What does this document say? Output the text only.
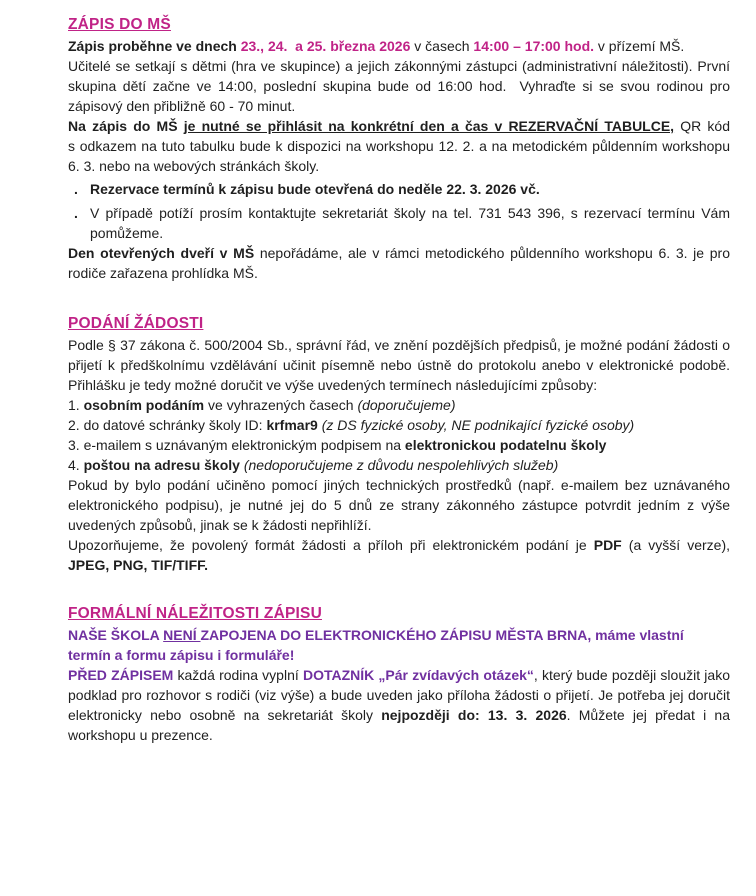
ZÁPIS DO MŠ

Zápis proběhne ve dnech 23., 24.  a 25. března 2026 v časech 14:00 – 17:00 hod. v přízemí MŠ.

Učitelé se setkají s dětmi (hra ve skupince) a jejich zákonnými zástupci (administrativní náležitosti). První skupina dětí začne ve 14:00, poslední skupina bude od 16:00 hod.  Vyhraďte si se svou rodinou pro zápisový den přibližně 60 - 70 minut.

Na zápis do MŠ je nutné se přihlásit na konkrétní den a čas v REZERVAČNÍ TABULCE, QR kód s odkazem na tuto tabulku bude k dispozici na workshopu 12. 2. a na metodickém půldenním workshopu 6. 3. nebo na webových stránkách školy.

. Rezervace termínů k zápisu bude otevřená do neděle 22. 3. 2026 vč.
. V případě potíží prosím kontaktujte sekretariát školy na tel. 731 543 396, s rezervací termínu Vám pomůžeme.

Den otevřených dveří v MŠ nepořádáme, ale v rámci metodického půldenního workshopu 6. 3. je pro rodiče zařazena prohlídka MŠ.

PODÁNÍ ŽÁDOSTI

Podle § 37 zákona č. 500/2004 Sb., správní řád, ve znění pozdějších předpisů, je možné podání žádosti o přijetí k předškolnímu vzdělávání učinit písemně nebo ústně do protokolu anebo v elektronické podobě. Přihlášku je tedy možné doručit ve výše uvedených termínech následujícími způsoby:

1. osobním podáním ve vyhrazených časech (doporučujeme)

2. do datové schránky školy ID: krfmar9 (z DS fyzické osoby, NE podnikající fyzické osoby)

3. e-mailem s uznávaným elektronickým podpisem na elektronickou podatelnu školy

4. poštou na adresu školy (nedoporučujeme z důvodu nespolehlivých služeb)

Pokud by bylo podání učiněno pomocí jiných technických prostředků (např. e-mailem bez uznávaného elektronického podpisu), je nutné jej do 5 dnů ze strany zákonného zástupce potvrdit jedním z výše uvedených způsobů, jinak se k žádosti nepřihlíží.

Upozorňujeme, že povolený formát žádosti a příloh při elektronickém podání je PDF (a vyšší verze), JPEG, PNG, TIF/TIFF.

FORMÁLNÍ NÁLEŽITOSTI ZÁPISU

NAŠE ŠKOLA NENÍ ZAPOJENA DO ELEKTRONICKÉHO ZÁPISU MĚSTA BRNA, máme vlastní termín a formu zápisu i formuláře!

PŘED ZÁPISEM každá rodina vyplní DOTAZNÍK „Pár zvídavých otázek“, který bude později sloužit jako podklad pro rozhovor s rodiči (viz výše) a bude uveden jako příloha žádosti o přijetí. Je potřeba jej doručit elektronicky nebo osobně na sekretariát školy nejpozději do: 13. 3. 2026. Můžete jej předat i na workshopu u prezence.
